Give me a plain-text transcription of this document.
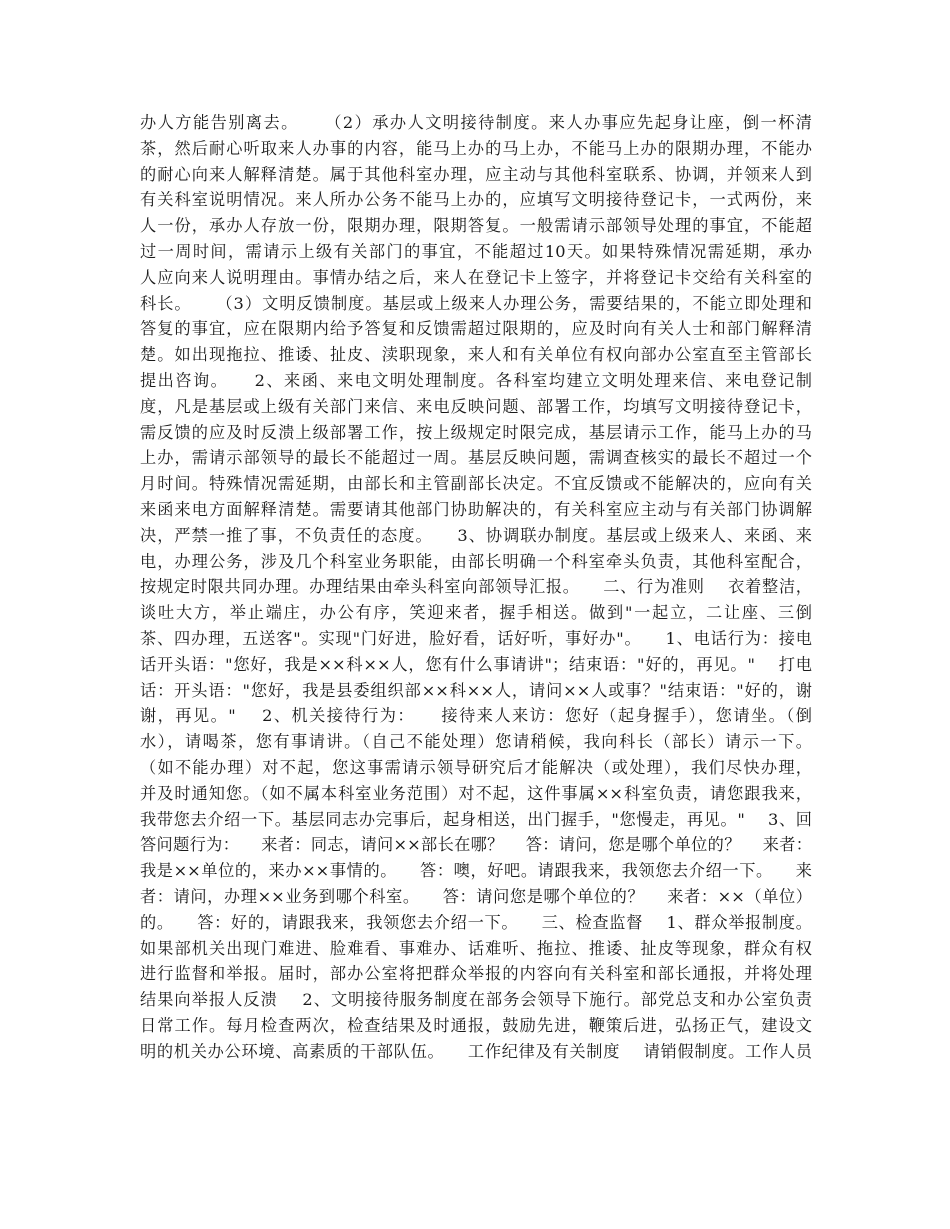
办人方能告别离去。    （2）承办人文明接待制度。来人办事应先起身让座，倒一杯清
茶，然后耐心听取来人办事的内容，能马上办的马上办，不能马上办的限期办理，不能办
的耐心向来人解释清楚。属于其他科室办理，应主动与其他科室联系、协调，并领来人到
有关科室说明情况。来人所办公务不能马上办的，应填写文明接待登记卡，一式两份，来
人一份，承办人存放一份，限期办理，限期答复。一般需请示部领导处理的事宜，不能超
过一周时间，需请示上级有关部门的事宜，不能超过10天。如果特殊情况需延期，承办
人应向来人说明理由。事情办结之后，来人在登记卡上签字，并将登记卡交给有关科室的
科长。    （3）文明反馈制度。基层或上级来人办理公务，需要结果的，不能立即处理和
答复的事宜，应在限期内给予答复和反馈需超过限期的，应及时向有关人士和部门解释清
楚。如出现拖拉、推诿、扯皮、渎职现象，来人和有关单位有权向部办公室直至主管部长
提出咨询。    2、来函、来电文明处理制度。各科室均建立文明处理来信、来电登记制
度，凡是基层或上级有关部门来信、来电反映问题、部署工作，均填写文明接待登记卡，
需反馈的应及时反溃上级部署工作，按上级规定时限完成，基层请示工作，能马上办的马
上办，需请示部领导的最长不能超过一周。基层反映问题，需调查核实的最长不超过一个
月时间。特殊情况需延期，由部长和主管副部长决定。不宜反馈或不能解决的，应向有关
来函来电方面解释清楚。需要请其他部门协助解决的，有关科室应主动与有关部门协调解
决，严禁一推了事，不负责任的态度。    3、协调联办制度。基层或上级来人、来函、来
电，办理公务，涉及几个科室业务职能，由部长明确一个科室牵头负责，其他科室配合，
按规定时限共同办理。办理结果由牵头科室向部领导汇报。    二、行为准则    衣着整洁，
谈吐大方，举止端庄，办公有序，笑迎来者，握手相送。做到"一起立，二让座、三倒
茶、四办理，五送客"。实现"门好进，脸好看，话好听，事好办"。    1、电话行为：接电
话开头语："您好，我是××科××人，您有什么事请讲"；结束语："好的，再见。"    打电
话：开头语："您好，我是县委组织部××科××人，请问××人或事？"结束语："好的，谢
谢，再见。"    2、机关接待行为：    接待来人来访：您好（起身握手），您请坐。（倒
水），请喝茶，您有事请讲。（自己不能处理）您请稍候，我向科长（部长）请示一下。
（如不能办理）对不起，您这事需请示领导研究后才能解决（或处理），我们尽快办理，
并及时通知您。（如不属本科室业务范围）对不起，这件事属××科室负责，请您跟我来，
我带您去介绍一下。基层同志办完事后，起身相送，出门握手，"您慢走，再见。"    3、回
答问题行为：    来者：同志，请问××部长在哪？    答：请问，您是哪个单位的？    来者：
我是××单位的，来办××事情的。    答：噢，好吧。请跟我来，我领您去介绍一下。    来
者：请问，办理××业务到哪个科室。    答：请问您是哪个单位的？    来者：××（单位）
的。    答：好的，请跟我来，我领您去介绍一下。    三、检查监督    1、群众举报制度。
如果部机关出现门难进、脸难看、事难办、话难听、拖拉、推诿、扯皮等现象，群众有权
进行监督和举报。届时，部办公室将把群众举报的内容向有关科室和部长通报，并将处理
结果向举报人反溃    2、文明接待服务制度在部务会领导下施行。部党总支和办公室负责
日常工作。每月检查两次，检查结果及时通报，鼓励先进，鞭策后进，弘扬正气，建设文
明的机关办公环境、高素质的干部队伍。    工作纪律及有关制度    请销假制度。工作人员
